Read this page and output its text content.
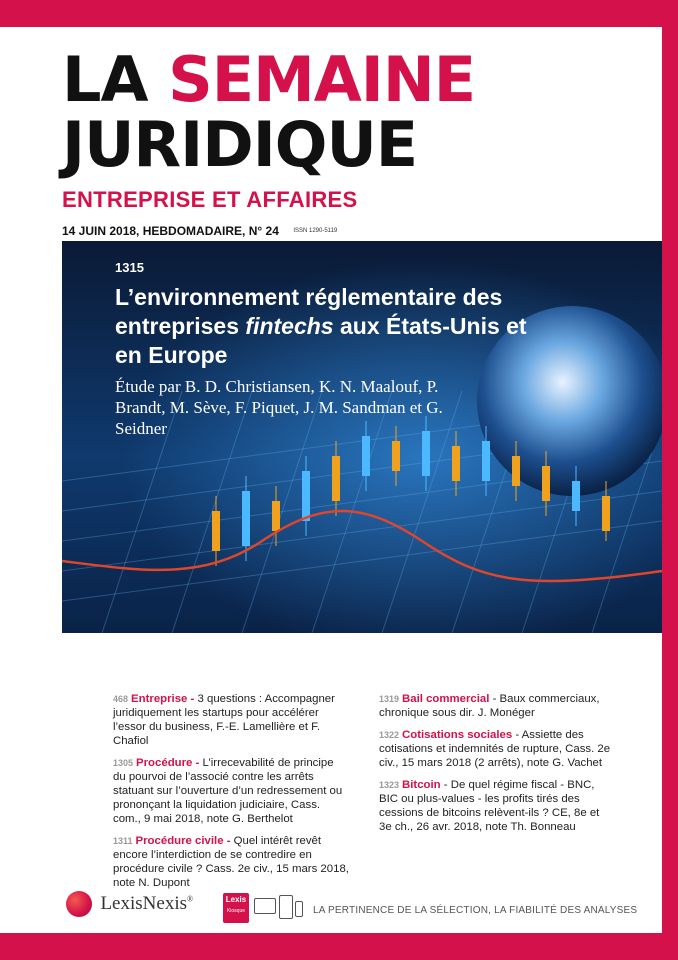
LA SEMAINE
JURIDIQUE
ENTREPRISE ET AFFAIRES
14 JUIN 2018, HEBDOMADAIRE, N° 24 ISSN 1290-5119
1315
L’environnement réglementaire des entreprises fintechs aux États-Unis et en Europe
Étude par B. D. Christiansen, K. N. Maalouf, P. Brandt, M. Sève, F. Piquet, J. M. Sandman et G. Seidner

468 Entreprise - 3 questions : Accompagner juridiquement les startups pour accélérer l’essor du business, F.-E. Lamellière et F. Chafiol

1305 Procédure - L’irrecevabilité de principe du pourvoi de l’associé contre les arrêts statuant sur l’ouverture d’un redressement ou prononçant la liquidation judiciaire, Cass. com., 9 mai 2018, note G. Berthelot

1311 Procédure civile - Quel intérêt revêt encore l’interdiction de se contredire en procédure civile ? Cass. 2e civ., 15 mars 2018, note N. Dupont

1319 Bail commercial - Baux commerciaux, chronique sous dir. J. Monéger

1322 Cotisations sociales - Assiette des cotisations et indemnités de rupture, Cass. 2e civ., 15 mars 2018 (2 arrêts), note G. Vachet

1323 Bitcoin - De quel régime fiscal - BNC, BIC ou plus-values - les profits tirés des cessions de bitcoins relèvent-ils ? CE, 8e et 3e ch., 26 avr. 2018, note Th. Bonneau

LexisNexis®	Lexis
Kiosque	LA PERTINENCE DE LA SÉLECTION, LA FIABILITÉ DES ANALYSES
